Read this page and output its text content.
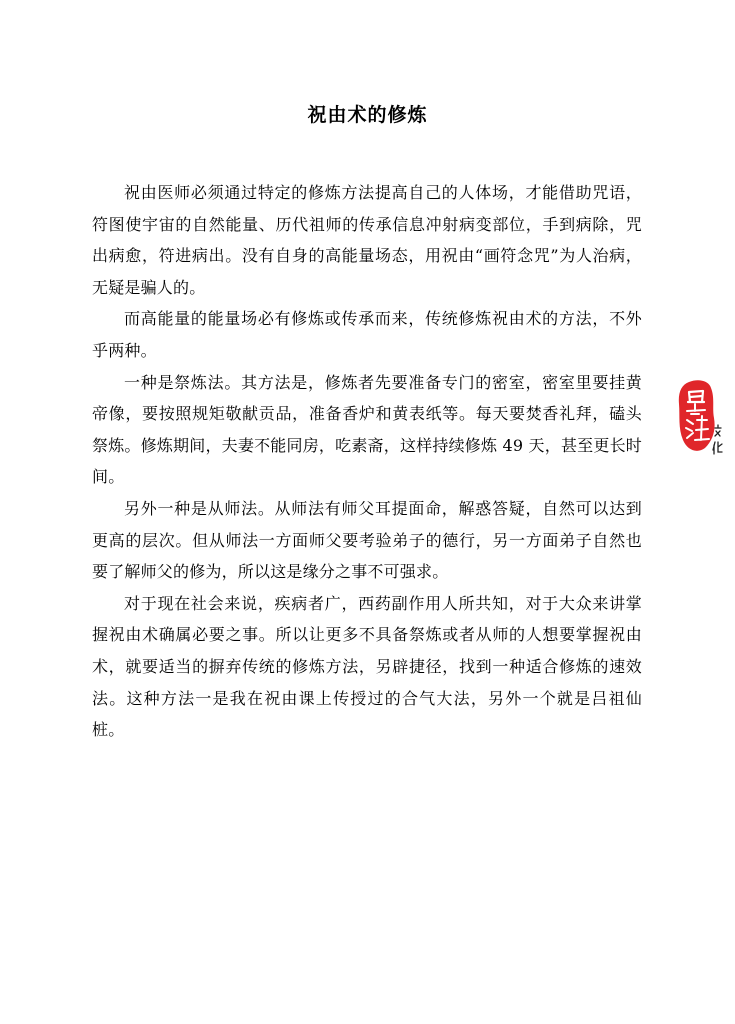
祝由术的修炼

祝由医师必须通过特定的修炼方法提高自己的人体场，才能借助咒语，符图使宇宙的自然能量、历代祖师的传承信息冲射病变部位，手到病除，咒出病愈，符进病出。没有自身的高能量场态，用祝由“画符念咒”为人治病，无疑是骗人的。

而高能量的能量场必有修炼或传承而来，传统修炼祝由术的方法，不外乎两种。

一种是祭炼法。其方法是，修炼者先要准备专门的密室，密室里要挂黄帝像，要按照规矩敬献贡品，准备香炉和黄表纸等。每天要焚香礼拜，磕头祭炼。修炼期间，夫妻不能同房，吃素斋，这样持续修炼 49 天，甚至更长时间。

另外一种是从师法。从师法有师父耳提面命，解惑答疑，自然可以达到更高的层次。但从师法一方面师父要考验弟子的德行，另一方面弟子自然也要了解师父的修为，所以这是缘分之事不可强求。

对于现在社会来说，疾病者广，西药副作用人所共知，对于大众来讲掌握祝由术确属必要之事。所以让更多不具备祭炼或者从师的人想要掌握祝由术，就要适当的摒弃传统的修炼方法，另辟捷径，找到一种适合修炼的速效法。这种方法一是我在祝由课上传授过的合气大法，另外一个就是吕祖仙桩。
